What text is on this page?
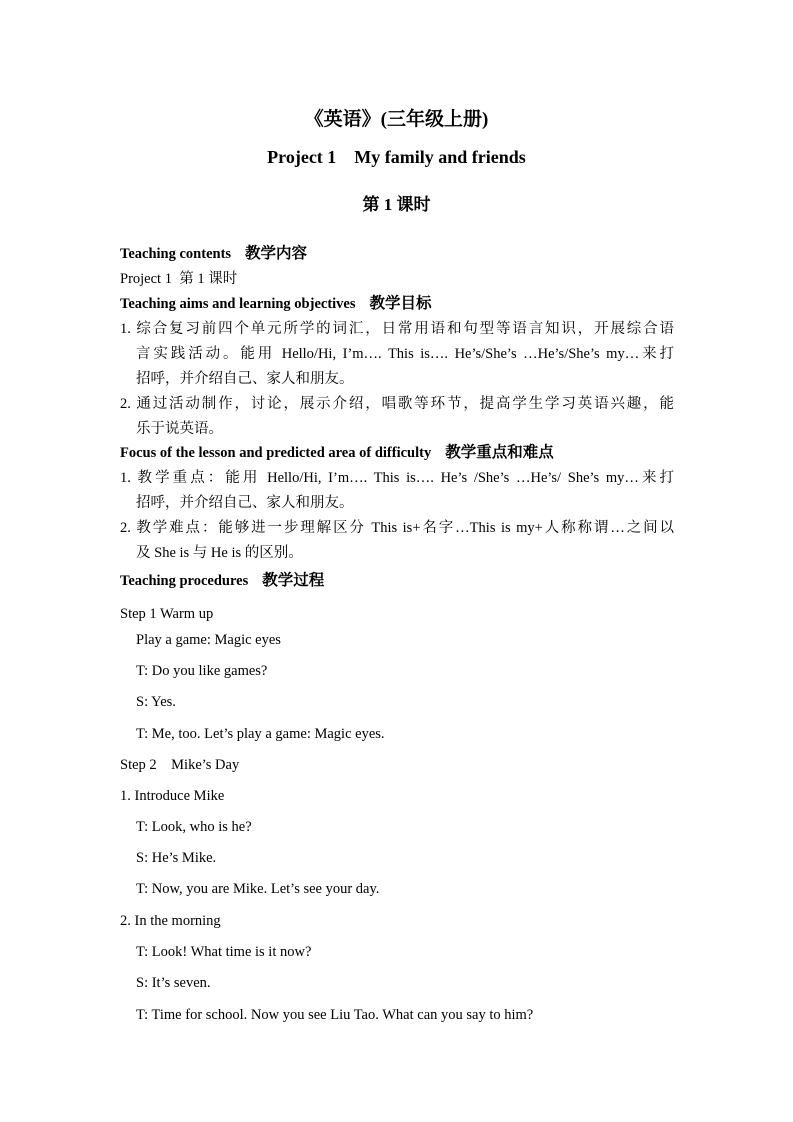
《英语》(三年级上册)
Project 1    My family and friends
第 1 课时
Teaching contents 教学内容
Project 1  第 1 课时
Teaching aims and learning objectives 教学目标
1. 综合复习前四个单元所学的词汇，日常用语和句型等语言知识，开展综合语
言实践活动。能用 Hello/Hi, I’m…. This is…. He’s/She’s …He’s/She’s my…来打
招呼，并介绍自己、家人和朋友。
2. 通过活动制作，讨论，展示介绍，唱歌等环节，提高学生学习英语兴趣，能
乐于说英语。
Focus of the lesson and predicted area of difficulty 教学重点和难点
1. 教学重点：能用 Hello/Hi, I’m…. This is…. He’s /She’s …He’s/ She’s my…来打
招呼，并介绍自己、家人和朋友。
2. 教学难点：能够进一步理解区分 This is+名字…This is my+人称称谓…之间以
及 She is 与 He is 的区别。
Teaching procedures 教学过程
Step 1 Warm up
Play a game: Magic eyes
T: Do you like games?
S: Yes.
T: Me, too. Let’s play a game: Magic eyes.
Step 2    Mike’s Day
1. Introduce Mike
T: Look, who is he?
S: He’s Mike.
T: Now, you are Mike. Let’s see your day.
2. In the morning
T: Look! What time is it now?
S: It’s seven.
T: Time for school. Now you see Liu Tao. What can you say to him?
